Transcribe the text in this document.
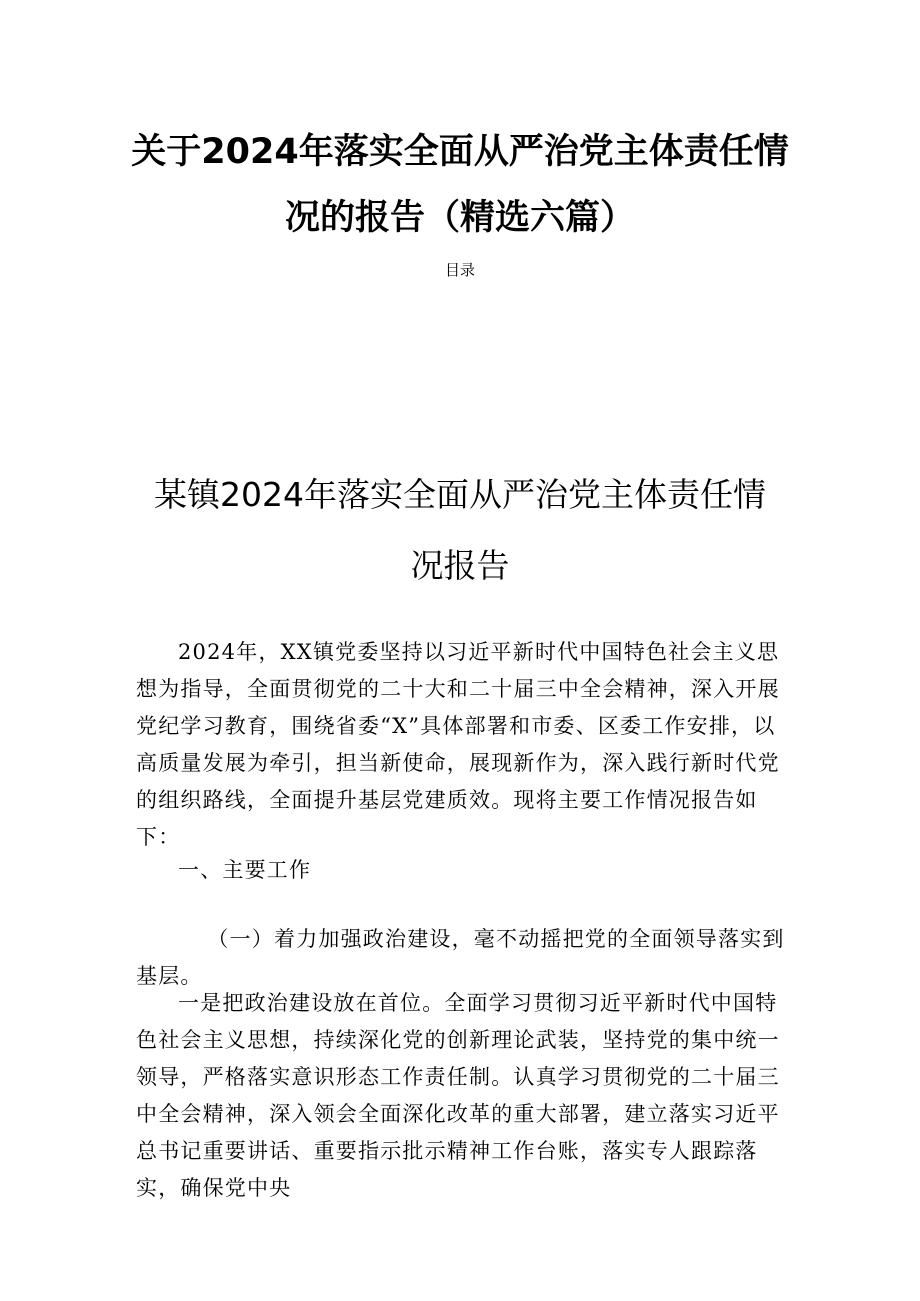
关于2024年落实全面从严治党主体责任情
况的报告（精选六篇）
目录
某镇2024年落实全面从严治党主体责任情
况报告

2024年，XX镇党委坚持以习近平新时代中国特色社会主义思想为指导，全面贯彻党的二十大和二十届三中全会精神，深入开展党纪学习教育，围绕省委“X”具体部署和市委、区委工作安排，以高质量发展为牵引，担当新使命，展现新作为，深入践行新时代党的组织路线，全面提升基层党建质效。现将主要工作情况报告如下：

一、主要工作

（一）着力加强政治建设，毫不动摇把党的全面领导落实到基层。

一是把政治建设放在首位。全面学习贯彻习近平新时代中国特色社会主义思想，持续深化党的创新理论武装，坚持党的集中统一领导，严格落实意识形态工作责任制。认真学习贯彻党的二十届三中全会精神，深入领会全面深化改革的重大部署，建立落实习近平总书记重要讲话、重要指示批示精神工作台账，落实专人跟踪落实，确保党中央
